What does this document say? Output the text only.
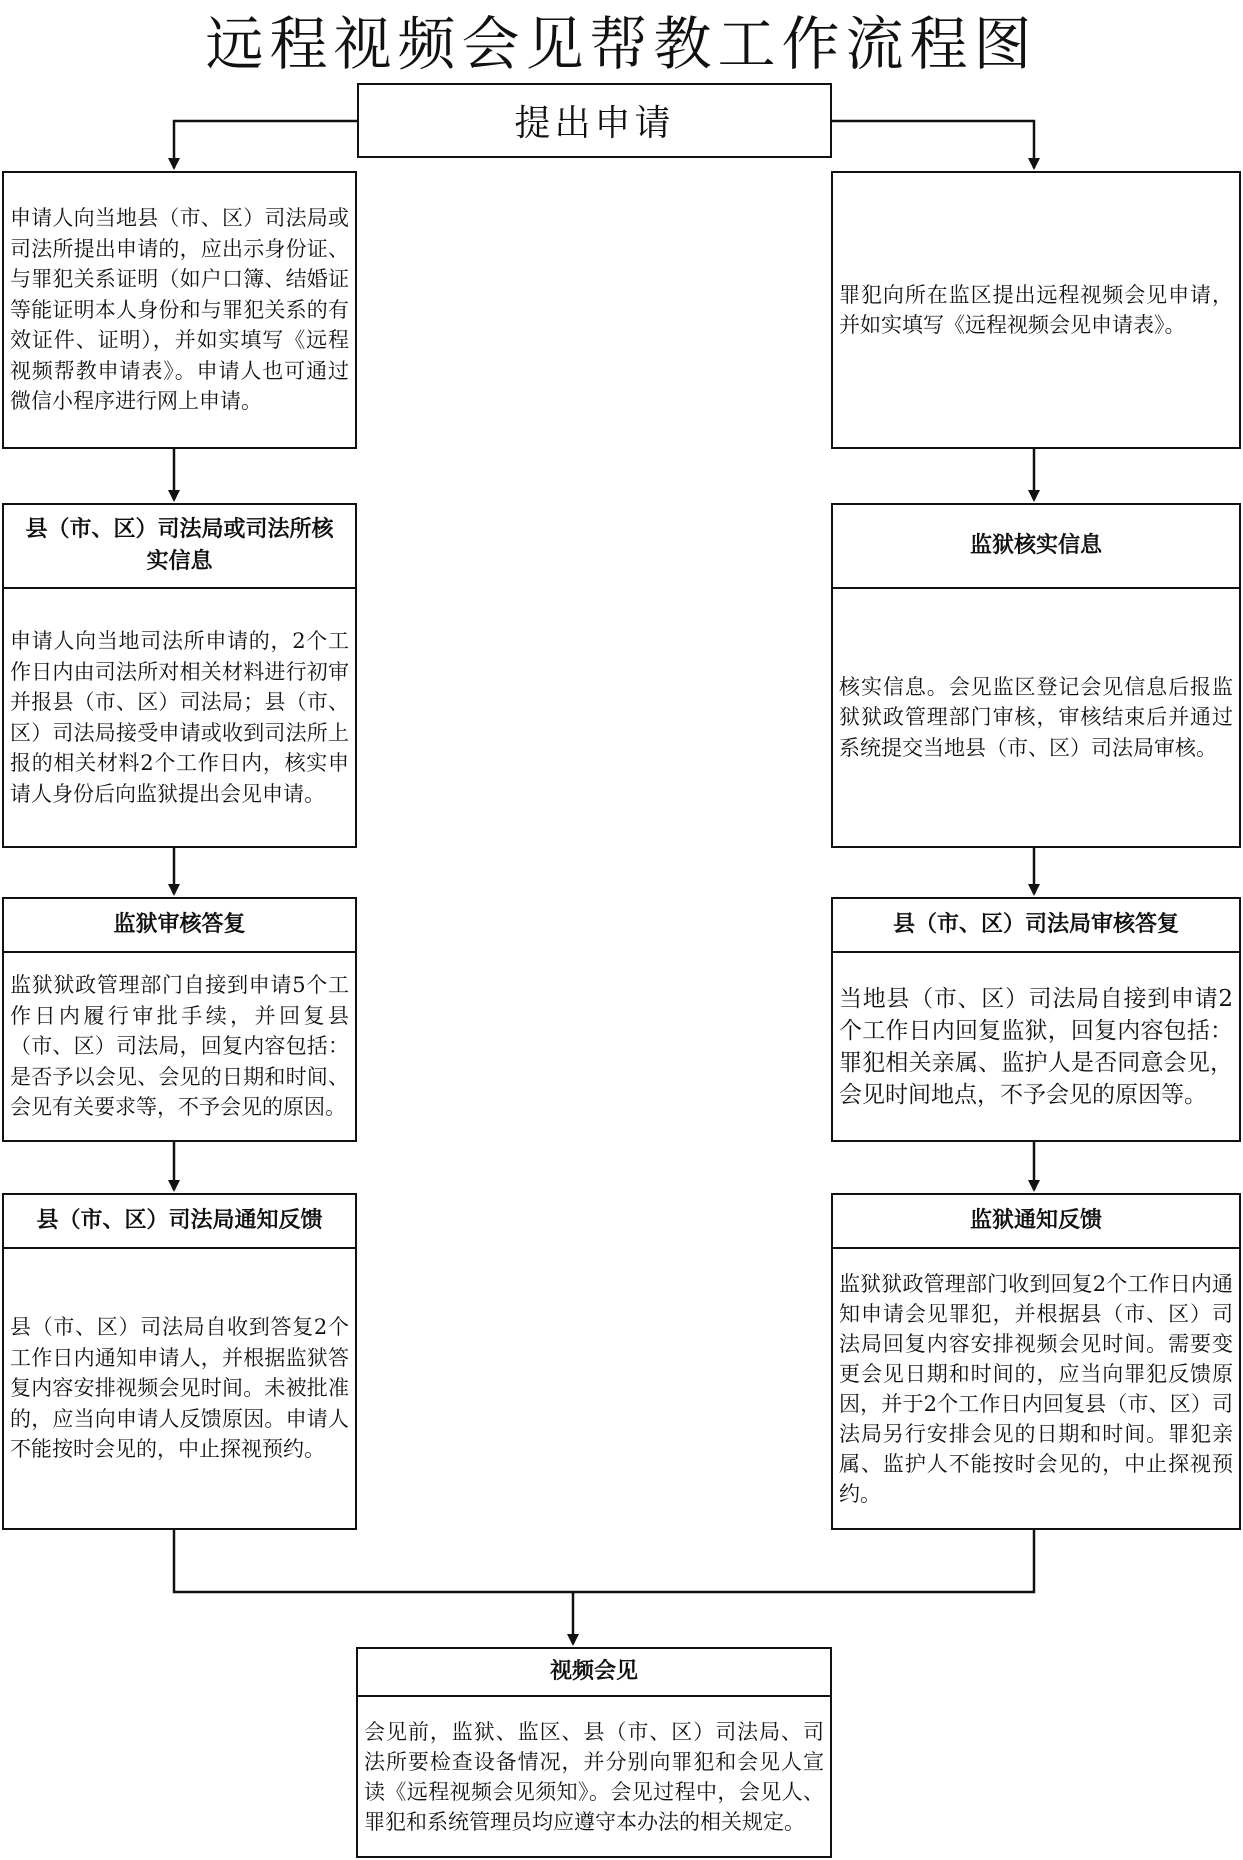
远程视频会见帮教工作流程图
提出申请
申请人向当地县（市、区）司法局或司法所提出申请的，应出示身份证、与罪犯关系证明（如户口簿、结婚证等能证明本人身份和与罪犯关系的有效证件、证明），并如实填写《远程视频帮教申请表》。申请人也可通过微信小程序进行网上申请。
县（市、区）司法局或司法所核实信息
申请人向当地司法所申请的，2个工作日内由司法所对相关材料进行初审并报县（市、区）司法局；县（市、区）司法局接受申请或收到司法所上报的相关材料2个工作日内，核实申请人身份后向监狱提出会见申请。
监狱审核答复
监狱狱政管理部门自接到申请5个工作日内履行审批手续，并回复县（市、区）司法局，回复内容包括：是否予以会见、会见的日期和时间、会见有关要求等，不予会见的原因。
县（市、区）司法局通知反馈
县（市、区）司法局自收到答复2个工作日内通知申请人，并根据监狱答复内容安排视频会见时间。未被批准的，应当向申请人反馈原因。申请人不能按时会见的，中止探视预约。
罪犯向所在监区提出远程视频会见申请，并如实填写《远程视频会见申请表》。
监狱核实信息
核实信息。会见监区登记会见信息后报监狱狱政管理部门审核，审核结束后并通过系统提交当地县（市、区）司法局审核。
县（市、区）司法局审核答复
当地县（市、区）司法局自接到申请2个工作日内回复监狱，回复内容包括：罪犯相关亲属、监护人是否同意会见，会见时间地点，不予会见的原因等。
监狱通知反馈
监狱狱政管理部门收到回复2个工作日内通知申请会见罪犯，并根据县（市、区）司法局回复内容安排视频会见时间。需要变更会见日期和时间的，应当向罪犯反馈原因，并于2个工作日内回复县（市、区）司法局另行安排会见的日期和时间。罪犯亲属、监护人不能按时会见的，中止探视预约。
视频会见
会见前，监狱、监区、县（市、区）司法局、司法所要检查设备情况，并分别向罪犯和会见人宣读《远程视频会见须知》。会见过程中，会见人、罪犯和系统管理员均应遵守本办法的相关规定。
